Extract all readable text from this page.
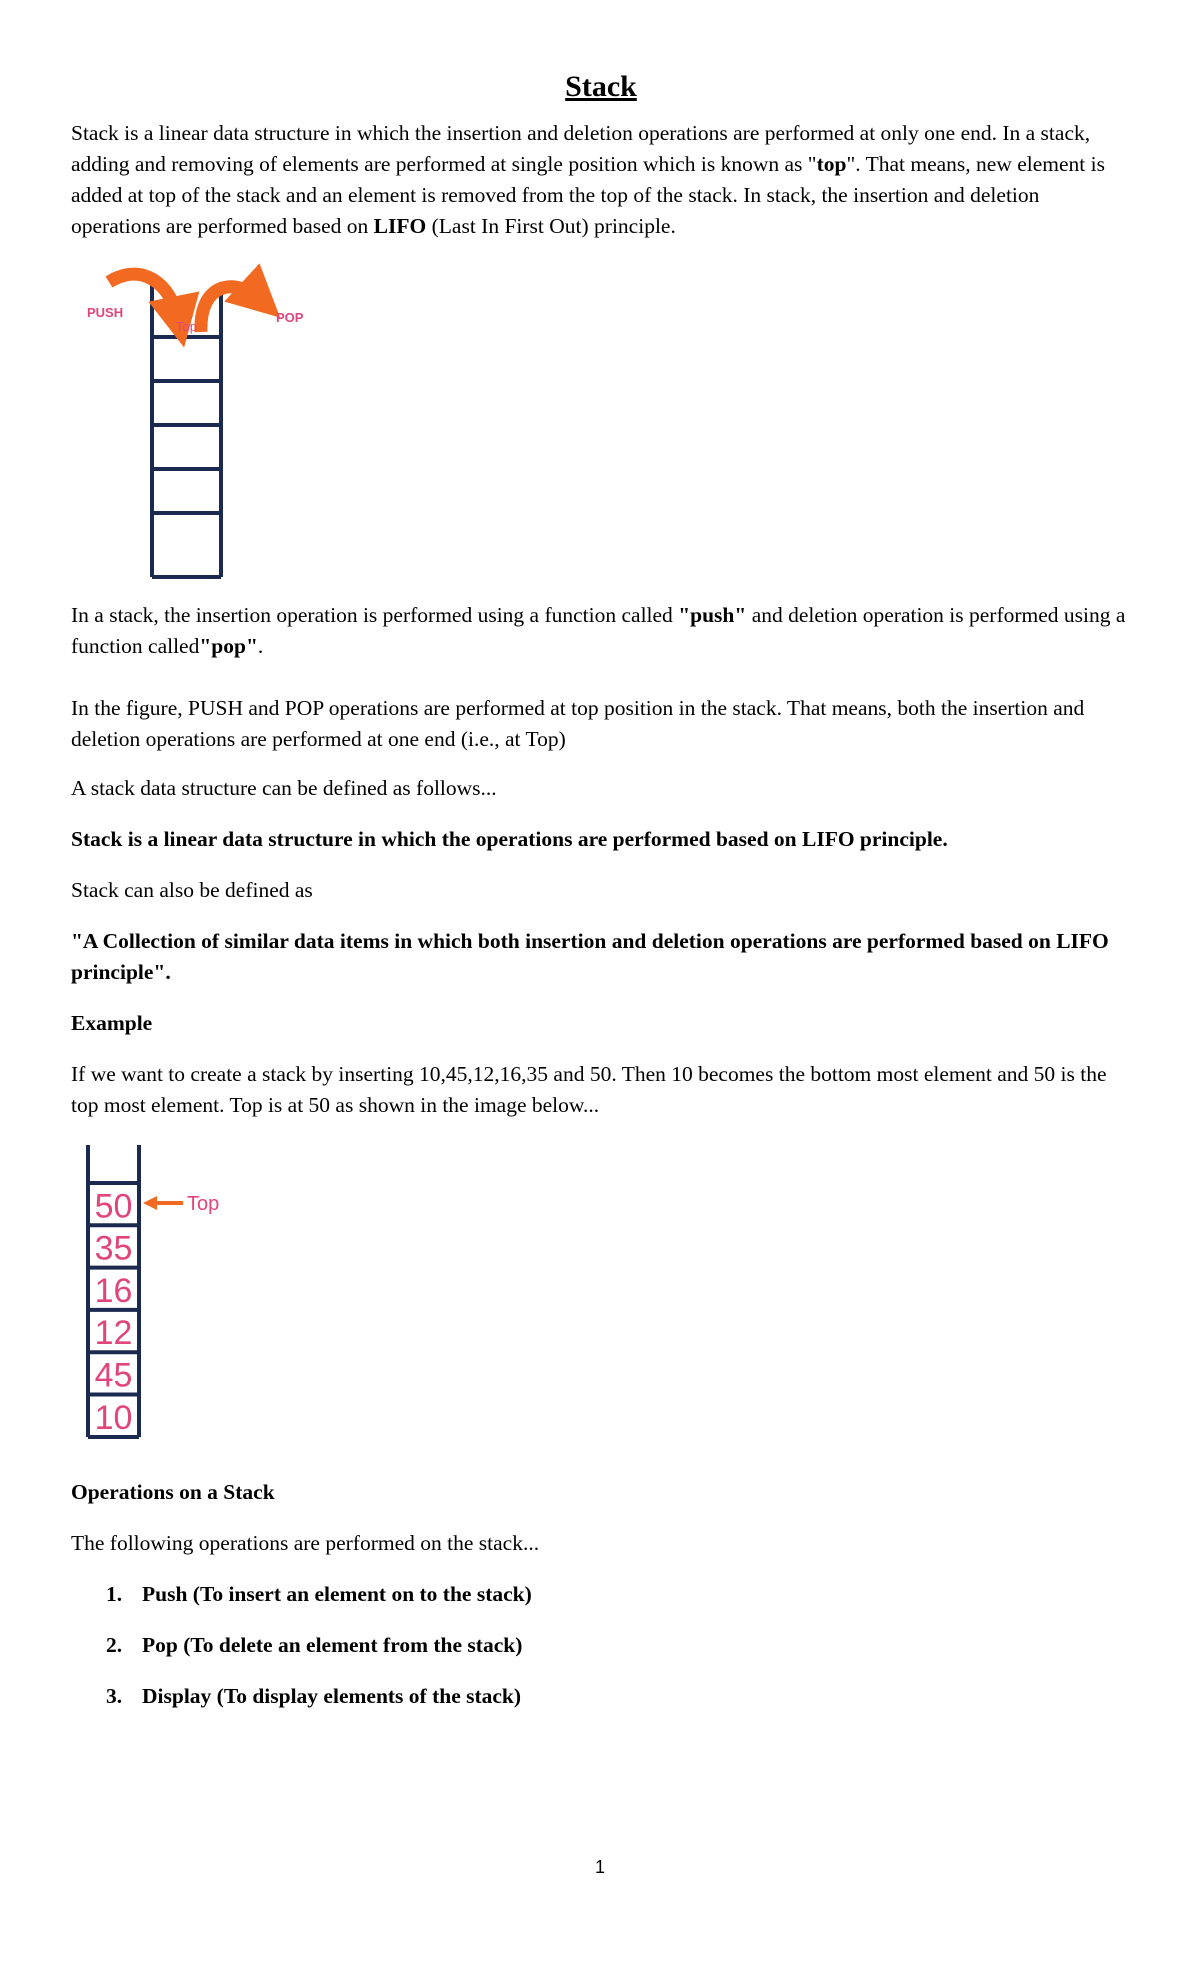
Stack

Stack is a linear data structure in which the insertion and deletion operations are performed at only one end. In a stack, adding and removing of elements are performed at single position which is known as "top". That means, new element is added at top of the stack and an element is removed from the top of the stack. In stack, the insertion and deletion operations are performed based on LIFO (Last In First Out) principle.

PUSH	POP
Top

In a stack, the insertion operation is performed using a function called "push" and deletion operation is performed using a function called"pop".

In the figure, PUSH and POP operations are performed at top position in the stack. That means, both the insertion and deletion operations are performed at one end (i.e., at Top)

A stack data structure can be defined as follows...

Stack is a linear data structure in which the operations are performed based on LIFO principle.

Stack can also be defined as

"A Collection of similar data items in which both insertion and deletion operations are performed based on LIFO principle".

Example

If we want to create a stack by inserting 10,45,12,16,35 and 50. Then 10 becomes the bottom most element and 50 is the top most element. Top is at 50 as shown in the image below...

50
35
16
12
45
10
Top

Operations on a Stack

The following operations are performed on the stack...

1. Push (To insert an element on to the stack)
2. Pop (To delete an element from the stack)
3. Display (To display elements of the stack)
1
